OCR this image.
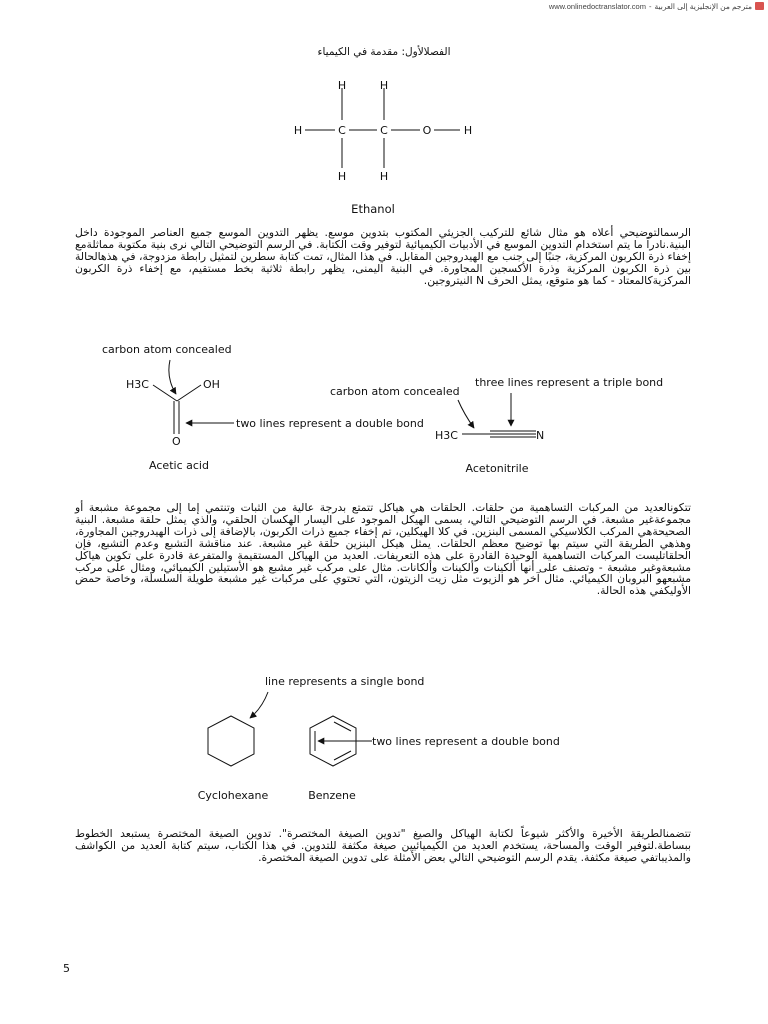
www.onlinedoctranslator.com - مترجم من الإنجليزية إلى العربية
الفصلالأول: مقدمة في الكيمياء
H	H
H	C	C	O	H
H	H
Ethanol

الرسمالتوضيحي أعلاه هو مثال شائع للتركيب الجزيئي المكتوب بتدوين موسع. يظهر التدوين الموسع جميع العناصر الموجودة داخل البنية.نادراً ما يتم استخدام التدوين الموسع في الأدبيات الكيميائية لتوفير وقت الكتابة. في الرسم التوضيحي التالي نرى بنية مكتوبة مماثلةمع إخفاء ذرة الكربون المركزية، جنبًا إلى جنب مع الهيدروجين المقابل. في هذا المثال، تمت كتابة سطرين لتمثيل رابطة مزدوجة، في هذهالحالة بين ذرة الكربون المركزية وذرة الأكسجين المجاورة. في البنية اليمنى، يظهر رابطة ثلاثية بخط مستقيم، مع إخفاء ذرة الكربون المركزيةكالمعتاد - كما هو متوقع، يمثل الحرف N النيتروجين.

carbon atom concealed
H3C	OH
O
two lines represent a double bond
Acetic acid
carbon atom concealed
three lines represent a triple bond
H3C	N
Acetonitrile

تتكونالعديد من المركبات التساهمية من حلقات. الحلقات هي هياكل تتمتع بدرجة عالية من الثبات وتنتمي إما إلى مجموعة مشبعة أو مجموعةغير مشبعة. في الرسم التوضيحي التالي، يسمى الهيكل الموجود على اليسار الهكسان الحلقي، والذي يمثل حلقة مشبعة. البنية الصحيحةهي المركب الكلاسيكي المسمى البنزين. في كلا الهيكلين، تم إخفاء جميع ذرات الكربون، بالإضافة إلى ذرات الهيدروجين المجاورة، وهذهي الطريقة التي سيتم بها توضيح معظم الحلقات. يمثل هيكل البنزين حلقة غير مشبعة. عند مناقشة التشبع وعدم التشبع، فإن الحلقاتليست المركبات التساهمية الوحيدة القادرة على هذه التعريفات. العديد من الهياكل المستقيمة والمتفرعة قادرة على تكوين هياكل مشبعةوغير مشبعة - وتصنف على أنها ألكينات وألكينات وألكانات. مثال على مركب غير مشبع هو الأستيلين الكيميائي، ومثال على مركب مشبعهو البروبان الكيميائي. مثال آخر هو الزيوت مثل زيت الزيتون، التي تحتوي على مركبات غير مشبعة طويلة السلسلة، وخاصة حمض الأوليكفي هذه الحالة.

line represents a single bond
two lines represent a double bond
Cyclohexane	Benzene

تتضمنالطريقة الأخيرة والأكثر شيوعاً لكتابة الهياكل والصيغ "تدوين الصيغة المختصرة". تدوين الصيغة المختصرة يستبعد الخطوط ببساطة.لتوفير الوقت والمساحة، يستخدم العديد من الكيميائيين صيغة مكثفة للتدوين. في هذا الكتاب، سيتم كتابة العديد من الكواشف والمذيباتفي صيغة مكثفة. يقدم الرسم التوضيحي التالي بعض الأمثلة على تدوين الصيغة المختصرة.

5
